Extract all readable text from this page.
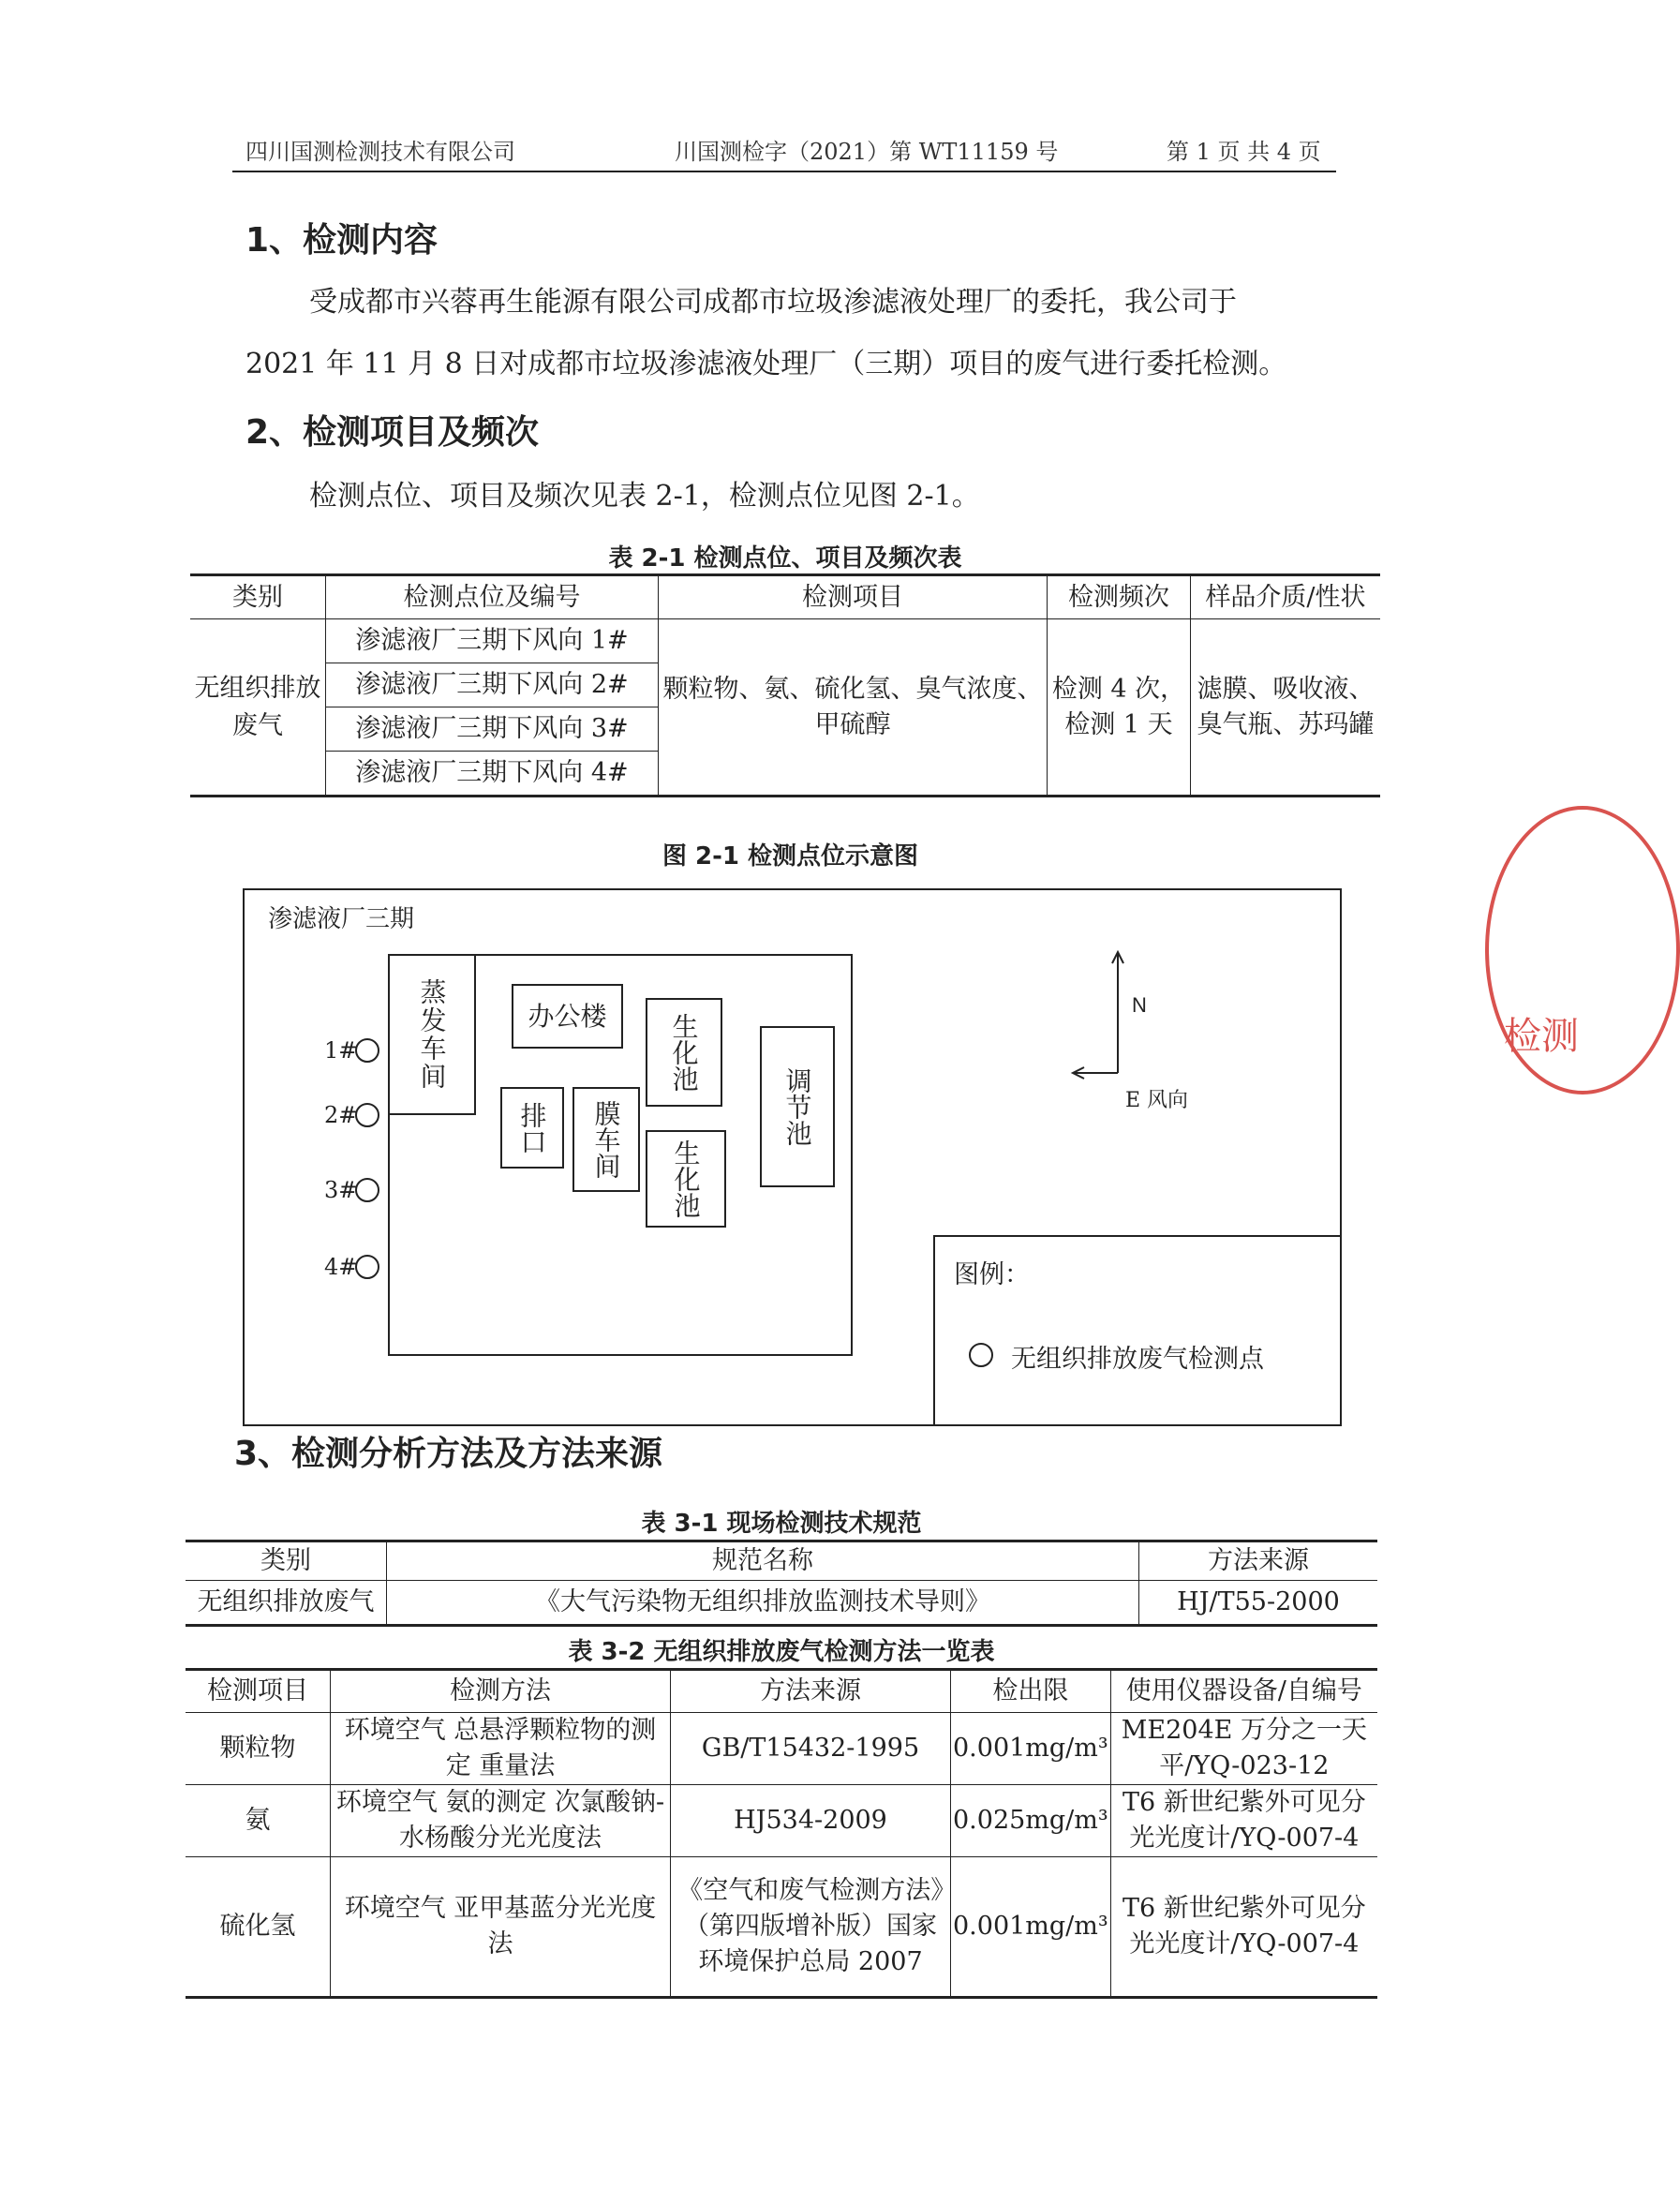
四川国测检测技术有限公司	川国测检字（2021）第 WT11159 号	第 1 页 共 4 页
1、检测内容
受成都市兴蓉再生能源有限公司成都市垃圾渗滤液处理厂的委托，我公司于
2021 年 11 月 8 日对成都市垃圾渗滤液处理厂（三期）项目的废气进行委托检测。
2、检测项目及频次
检测点位、项目及频次见表 2-1，检测点位见图 2-1。
表 2-1 检测点位、项目及频次表
类别	检测点位及编号	检测项目	检测频次	样品介质/性状
无组织排放废气	渗滤液厂三期下风向 1#	颗粒物、氨、硫化氢、臭气浓度、甲硫醇	检测 4 次，检测 1 天	滤膜、吸收液、臭气瓶、苏玛罐
	渗滤液厂三期下风向 2#			
	渗滤液厂三期下风向 3#			
	渗滤液厂三期下风向 4#			
图 2-1 检测点位示意图
渗滤液厂三期
蒸发车间	办公楼 生化池
生化池
调节池
排口 膜车间
1#
2#
3#
4#
N
E 风向
图例：
无组织排放废气检测点
3、检测分析方法及方法来源
表 3-1 现场检测技术规范
类别	规范名称	方法来源
无组织排放废气	《大气污染物无组织排放监测技术导则》	HJ/T55-2000
表 3-2 无组织排放废气检测方法一览表
检测项目	检测方法	方法来源	检出限	使用仪器设备/自编号
颗粒物	环境空气 总悬浮颗粒物的测定 重量法	GB/T15432-1995	0.001mg/m³	ME204E 万分之一天平/YQ-023-12
氨	环境空气 氨的测定 次氯酸钠-水杨酸分光光度法	HJ534-2009	0.025mg/m³	T6 新世纪紫外可见分光光度计/YQ-007-4
硫化氢	环境空气 亚甲基蓝分光光度法	《空气和废气检测方法》（第四版增补版）国家环境保护总局 2007	0.001mg/m³	T6 新世纪紫外可见分光光度计/YQ-007-4
检测
